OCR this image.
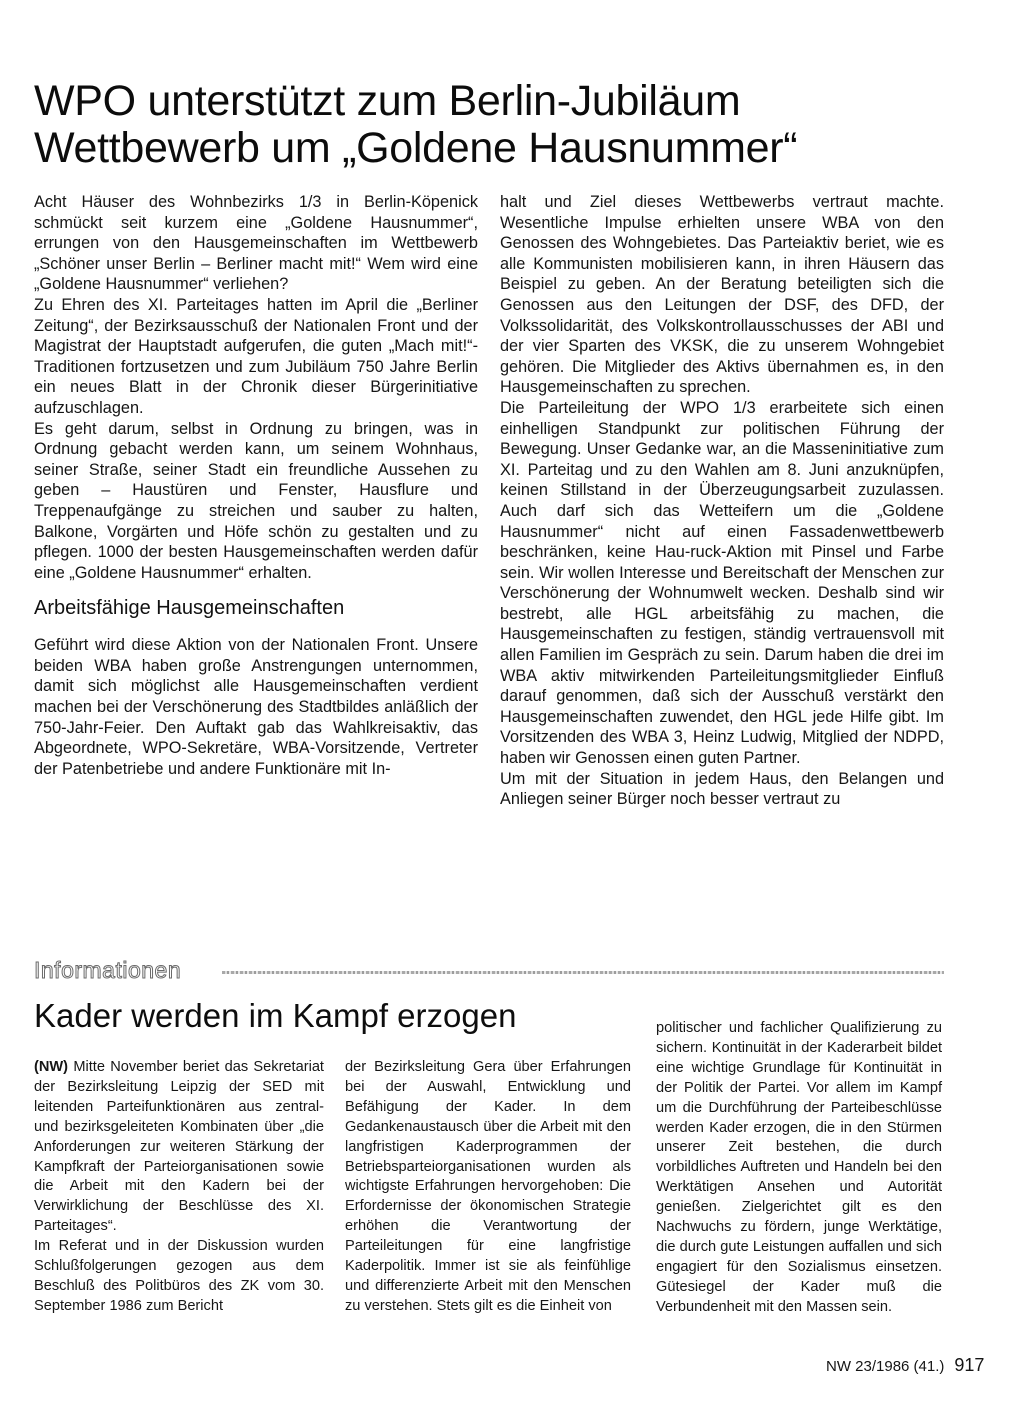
WPO unterstützt zum Berlin-Jubiläum
Wettbewerb um „Goldene Hausnummer“

Acht Häuser des Wohnbezirks 1/3 in Berlin-Köpenick schmückt seit kurzem eine „Goldene Hausnummer“, errungen von den Hausgemeinschaften im Wettbewerb „Schöner unser Berlin – Berliner macht mit!“ Wem wird eine „Goldene Hausnummer“ verliehen?

Zu Ehren des XI. Parteitages hatten im April die „Berliner Zeitung“, der Bezirksausschuß der Nationalen Front und der Magistrat der Hauptstadt aufgerufen, die guten „Mach mit!“-Traditionen fortzusetzen und zum Jubiläum 750 Jahre Berlin ein neues Blatt in der Chronik dieser Bürgerinitiative aufzuschlagen.

Es geht darum, selbst in Ordnung zu bringen, was in Ordnung gebacht werden kann, um seinem Wohnhaus, seiner Straße, seiner Stadt ein freundliche Aussehen zu geben – Haustüren und Fenster, Hausflure und Treppenaufgänge zu streichen und sauber zu halten, Balkone, Vorgärten und Höfe schön zu gestalten und zu pflegen. 1000 der besten Hausgemeinschaften werden dafür eine „Goldene Hausnummer“ erhalten.

Arbeitsfähige Hausgemeinschaften

Geführt wird diese Aktion von der Nationalen Front. Unsere beiden WBA haben große Anstrengungen unternommen, damit sich möglichst alle Hausgemeinschaften verdient machen bei der Verschönerung des Stadtbildes anläßlich der 750-Jahr-Feier. Den Auftakt gab das Wahlkreisaktiv, das Abgeordnete, WPO-Sekretäre, WBA-Vorsitzende, Vertreter der Patenbetriebe und andere Funktionäre mit In-

halt und Ziel dieses Wettbewerbs vertraut machte. Wesentliche Impulse erhielten unsere WBA von den Genossen des Wohngebietes. Das Parteiaktiv beriet, wie es alle Kommunisten mobilisieren kann, in ihren Häusern das Beispiel zu geben. An der Beratung beteiligten sich die Genossen aus den Leitungen der DSF, des DFD, der Volkssolidarität, des Volkskontrollausschusses der ABI und der vier Sparten des VKSK, die zu unserem Wohngebiet gehören. Die Mitglieder des Aktivs übernahmen es, in den Hausgemeinschaften zu sprechen.

Die Parteileitung der WPO 1/3 erarbeitete sich einen einhelligen Standpunkt zur politischen Führung der Bewegung. Unser Gedanke war, an die Masseninitiative zum XI. Parteitag und zu den Wahlen am 8. Juni anzuknüpfen, keinen Stillstand in der Überzeugungsarbeit zuzulassen. Auch darf sich das Wetteifern um die „Goldene Hausnummer“ nicht auf einen Fassadenwettbewerb beschränken, keine Hau-ruck-Aktion mit Pinsel und Farbe sein. Wir wollen Interesse und Bereitschaft der Menschen zur Verschönerung der Wohnumwelt wecken. Deshalb sind wir bestrebt, alle HGL arbeitsfähig zu machen, die Hausgemeinschaften zu festigen, ständig vertrauensvoll mit allen Familien im Gespräch zu sein. Darum haben die drei im WBA aktiv mitwirkenden Parteileitungsmitglieder Einfluß darauf genommen, daß sich der Ausschuß verstärkt den Hausgemeinschaften zuwendet, den HGL jede Hilfe gibt. Im Vorsitzenden des WBA 3, Heinz Ludwig, Mitglied der NDPD, haben wir Genossen einen guten Partner.

Um mit der Situation in jedem Haus, den Belangen und Anliegen seiner Bürger noch besser vertraut zu

Informationen
Kader werden im Kampf erzogen

(NW) Mitte November beriet das Sekretariat der Bezirksleitung Leipzig der SED mit leitenden Parteifunktionären aus zentral- und bezirksgeleiteten Kombinaten über „die Anforderungen zur weiteren Stärkung der Kampfkraft der Parteiorganisationen sowie die Arbeit mit den Kadern bei der Verwirklichung der Beschlüsse des XI. Parteitages“.

Im Referat und in der Diskussion wurden Schlußfolgerungen gezogen aus dem Beschluß des Politbüros des ZK vom 30. September 1986 zum Bericht

der Bezirksleitung Gera über Erfahrungen bei der Auswahl, Entwicklung und Befähigung der Kader. In dem Gedankenaustausch über die Arbeit mit den langfristigen Kaderprogrammen der Betriebsparteiorganisationen wurden als wichtigste Erfahrungen hervorgehoben: Die Erfordernisse der ökonomischen Strategie erhöhen die Verantwortung der Parteileitungen für eine langfristige Kaderpolitik. Immer ist sie als feinfühlige und differenzierte Arbeit mit den Menschen zu verstehen. Stets gilt es die Einheit von

politischer und fachlicher Qualifizierung zu sichern. Kontinuität in der Kaderarbeit bildet eine wichtige Grundlage für Kontinuität in der Politik der Partei. Vor allem im Kampf um die Durchführung der Parteibeschlüsse werden Kader erzogen, die in den Stürmen unserer Zeit bestehen, die durch vorbildliches Auftreten und Handeln bei den Werktätigen Ansehen und Autorität genießen. Zielgerichtet gilt es den Nachwuchs zu fördern, junge Werktätige, die durch gute Leistungen auffallen und sich engagiert für den Sozialismus einsetzen. Gütesiegel der Kader muß die Verbundenheit mit den Massen sein.

NW 23/1986 (41.) 917
